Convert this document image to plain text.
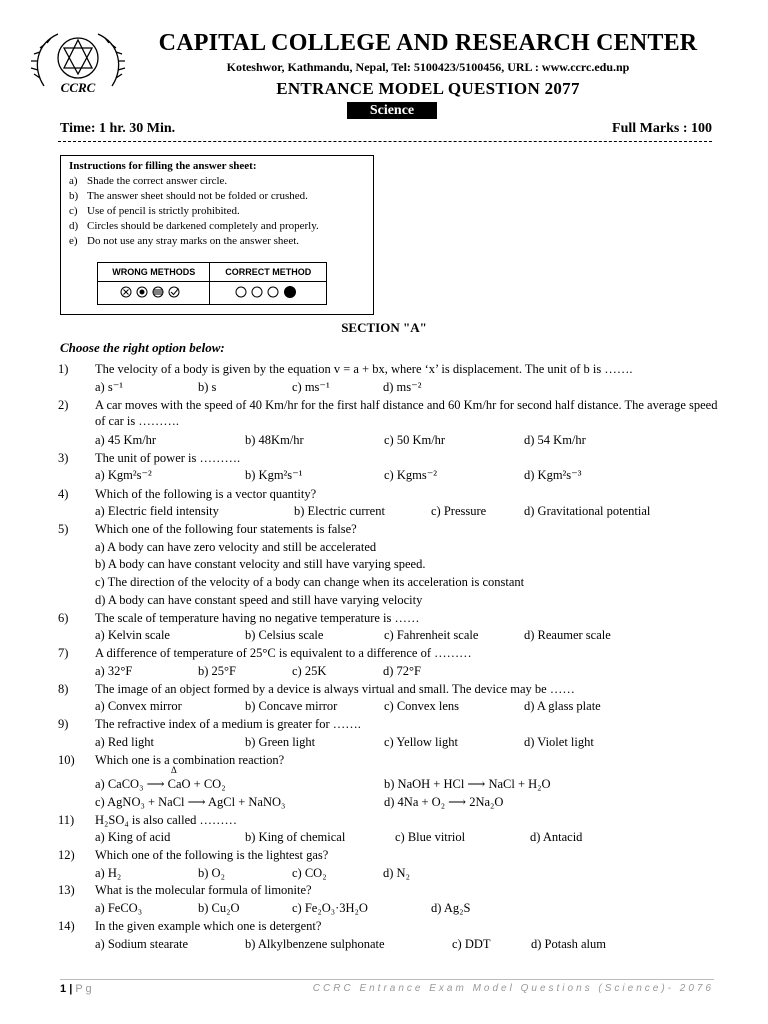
CCRC
CAPITAL COLLEGE AND RESEARCH CENTER
Koteshwor, Kathmandu, Nepal, Tel: 5100423/5100456, URL : www.ccrc.edu.np
ENTRANCE MODEL QUESTION 2077
Science
Time: 1 hr. 30 Min.	Full Marks : 100
Instructions for filling the answer sheet:
a) Shade the correct answer circle.
b) The answer sheet should not be folded or crushed.
c) Use of pencil is strictly prohibited.
d) Circles should be darkened completely and properly.
e) Do not use any stray marks on the answer sheet.
WRONG METHODS	CORRECT METHOD

SECTION "A"
Choose the right option below:
1) The velocity of a body is given by the equation v = a + bx, where ‘x’ is displacement. The unit of b is …….
a) s⁻¹	b) s	c) ms⁻¹	d) ms⁻²
2) A car moves with the speed of 40 Km/hr for the first half distance and 60 Km/hr for second half distance. The average speed of car is ……….
a) 45 Km/hr	b) 48Km/hr	c) 50 Km/hr	d) 54 Km/hr
3) The unit of power is ……….
a) Kgm²s⁻²	b) Kgm²s⁻¹	c) Kgms⁻²	d) Kgm²s⁻³
4) Which of the following is a vector quantity?
a) Electric field intensity	b) Electric current	c) Pressure	d) Gravitational potential
5) Which one of the following four statements is false?
a) A body can have zero velocity and still be accelerated
b) A body can have constant velocity and still have varying speed.
c) The direction of the velocity of a body can change when its acceleration is constant
d) A body can have constant speed and still have varying velocity
6) The scale of temperature having no negative temperature is ……
a) Kelvin scale	b) Celsius scale	c) Fahrenheit scale	d) Reaumer scale
7) A difference of temperature of 25°C is equivalent to a difference of ………
a) 32°F	b) 25°F	c) 25K	d) 72°F
8) The image of an object formed by a device is always virtual and small. The device may be ……
a) Convex mirror	b) Concave mirror	c) Convex lens	d) A glass plate
9) The refractive index of a medium is greater for …….
a) Red light	b) Green light	c) Yellow light	d) Violet light
10) Which one is a combination reaction?
Δ
a) CaCO₃ ⟶ CaO + CO₂	b) NaOH + HCl ⟶ NaCl + H₂O
c) AgNO₃ + NaCl ⟶ AgCl + NaNO₃	d) 4Na + O₂ ⟶ 2Na₂O
11) H₂SO₄ is also called ………
a) King of acid	b) King of chemical	c) Blue vitriol	d) Antacid
12) Which one of the following is the lightest gas?
a) H₂	b) O₂	c) CO₂	d) N₂
13) What is the molecular formula of limonite?
a) FeCO₃	b) Cu₂O	c) Fe₂O₃·3H₂O	d) Ag₂S
14) In the given example which one is detergent?
a) Sodium stearate	b) Alkylbenzene sulphonate	c) DDT	d) Potash alum
1 | P g	CCRC Entrance Exam Model Questions (Science)- 2076
